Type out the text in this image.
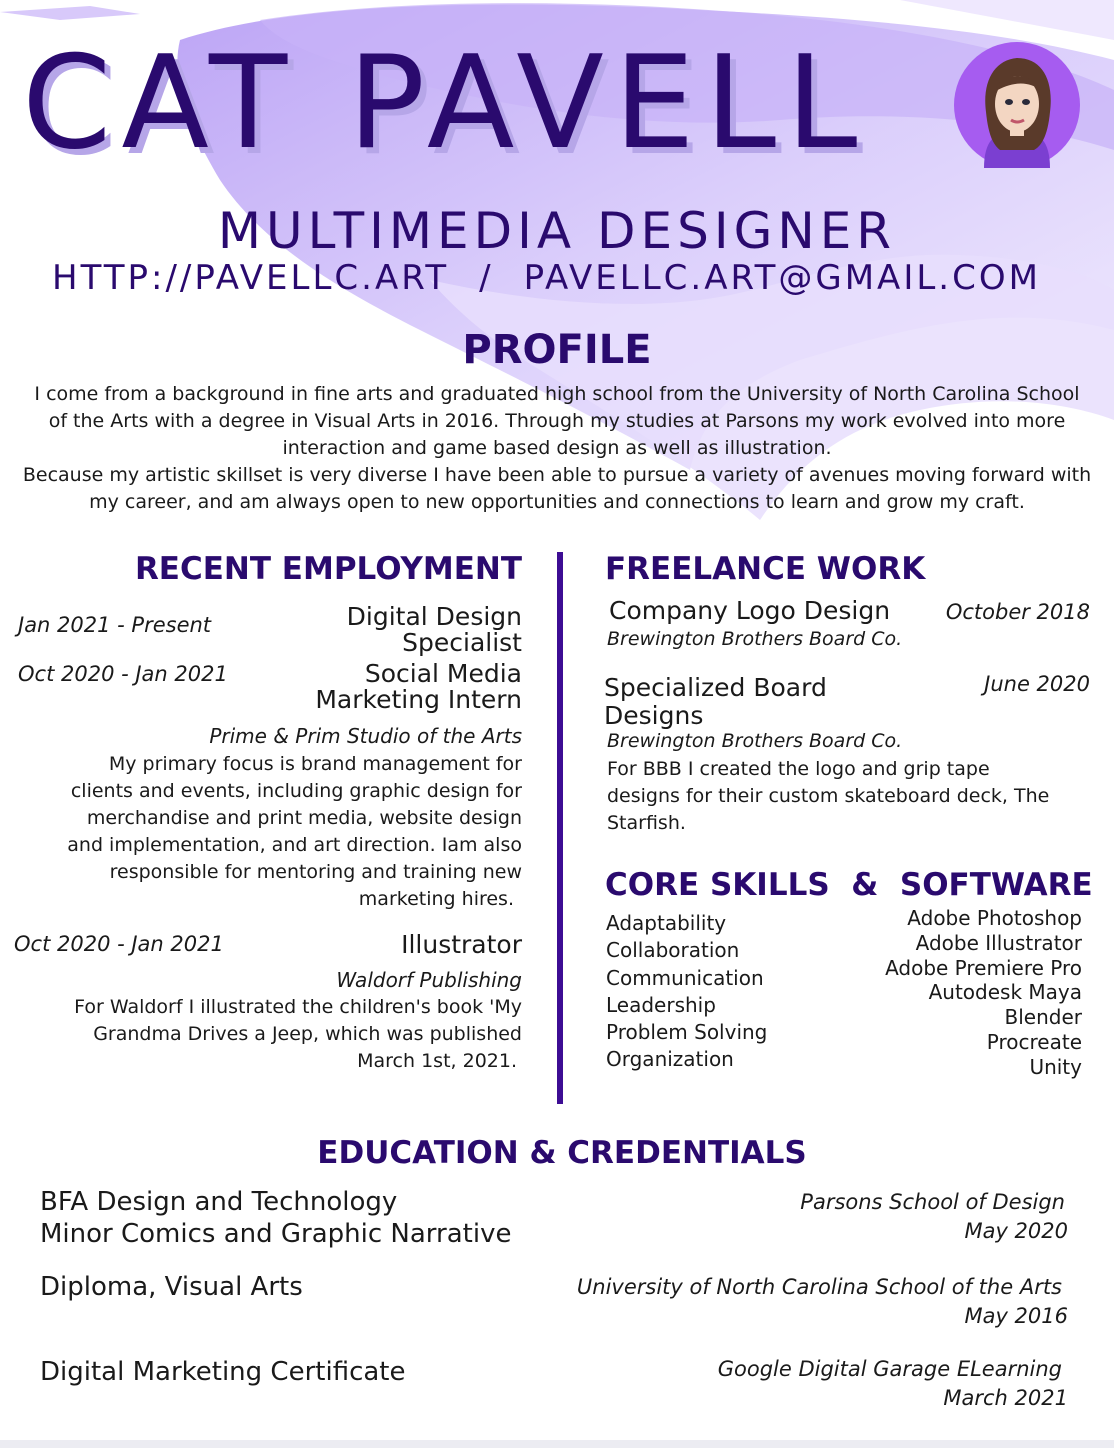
CAT PAVELL
MULTIMEDIA DESIGNER
HTTP://PAVELLC.ART / PAVELLC.ART@GMAIL.COM
PROFILE
I come from a background in fine arts and graduated high school from the University of North Carolina School
of the Arts with a degree in Visual Arts in 2016. Through my studies at Parsons my work evolved into more
interaction and game based design as well as illustration.
Because my artistic skillset is very diverse I have been able to pursue a variety of avenues moving forward with
my career, and am always open to new opportunities and connections to learn and grow my craft.
RECENT EMPLOYMENT
Jan 2021 - Present	Digital Design
Specialist
Oct 2020 - Jan 2021	Social Media
Marketing Intern
Prime & Prim Studio of the Arts
My primary focus is brand management for
clients and events, including graphic design for
merchandise and print media, website design
and implementation, and art direction. Iam also
responsible for mentoring and training new
marketing hires.
Oct 2020 - Jan 2021	Illustrator
Waldorf Publishing
For Waldorf I illustrated the children's book 'My
Grandma Drives a Jeep, which was published
March 1st, 2021.
FREELANCE WORK
Company Logo Design	October 2018
Brewington Brothers Board Co.
Specialized Board
Designs
June 2020
Brewington Brothers Board Co.
For BBB I created the logo and grip tape
designs for their custom skateboard deck, The
Starfish.
CORE SKILLS  &  SOFTWARE
Adaptability
Collaboration
Communication
Leadership
Problem Solving
Organization
Adobe Photoshop
Adobe Illustrator
Adobe Premiere Pro
Autodesk Maya
Blender
Procreate
Unity
EDUCATION & CREDENTIALS
BFA Design and Technology
Minor Comics and Graphic Narrative
Parsons School of Design
May 2020
Diploma, Visual Arts	University of North Carolina School of the Arts
May 2016
Digital Marketing Certificate	Google Digital Garage ELearning
March 2021
